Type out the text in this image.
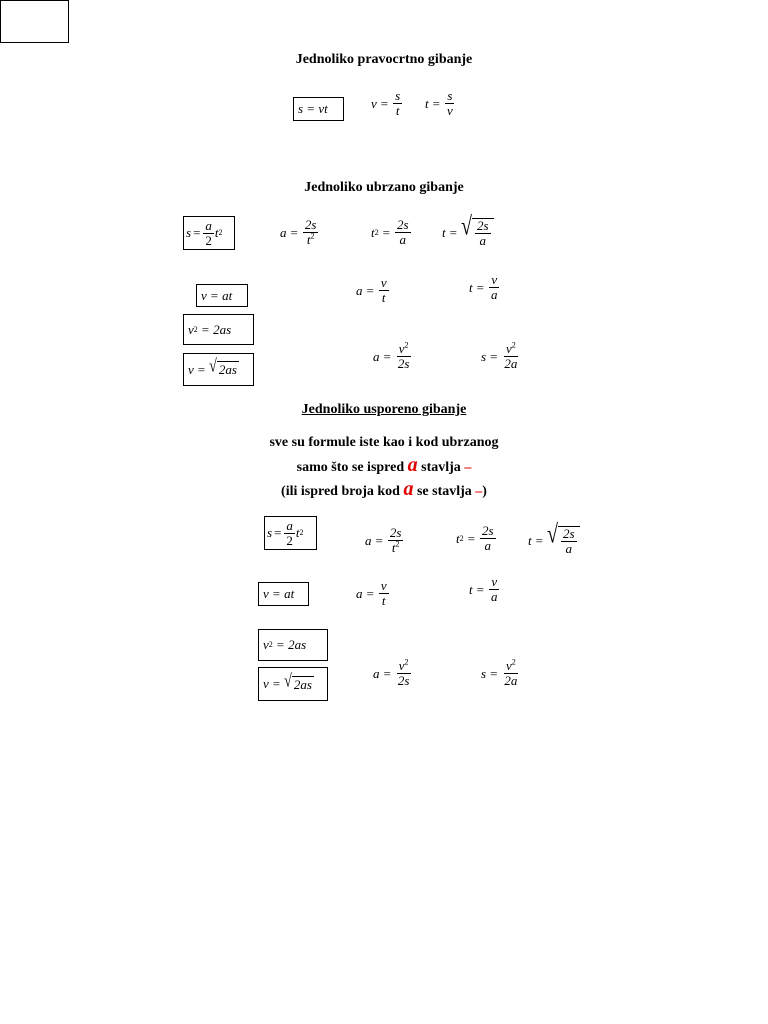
Jednoliko pravocrtno gibanje
s = vt	$v = \frac{s}{t}$ $t = \frac{s}{v}$
Jednoliko ubrzano gibanje
$s = \frac{a}{2}$ t 2	$a = \frac{2s}{t^2}$	t $2 = \frac{2s}{a}$ t = √ $\frac{2s}{a}$
v = at	$a = \frac{v}{t}$	$t = \frac{v}{a}$
v 2 = 2as
v = √ 2as
$a = \frac{v^2}{2s}$	$s = \frac{v^2}{2a}$
Jednoliko usporeno gibanje
sve su formule iste kao i kod ubrzanog
samo što se ispred a stavlja –
(ili ispred broja kod a se stavlja –)
$s = \frac{a}{2}$ t 2	$a = \frac{2s}{t^2}$	t $2 = \frac{2s}{a}$ t = √ $\frac{2s}{a}$
v = at	$a = \frac{v}{t}$	$t = \frac{v}{a}$
v 2 = 2as
v = √ 2as
$a = \frac{v^2}{2s}$	$s = \frac{v^2}{2a}$
